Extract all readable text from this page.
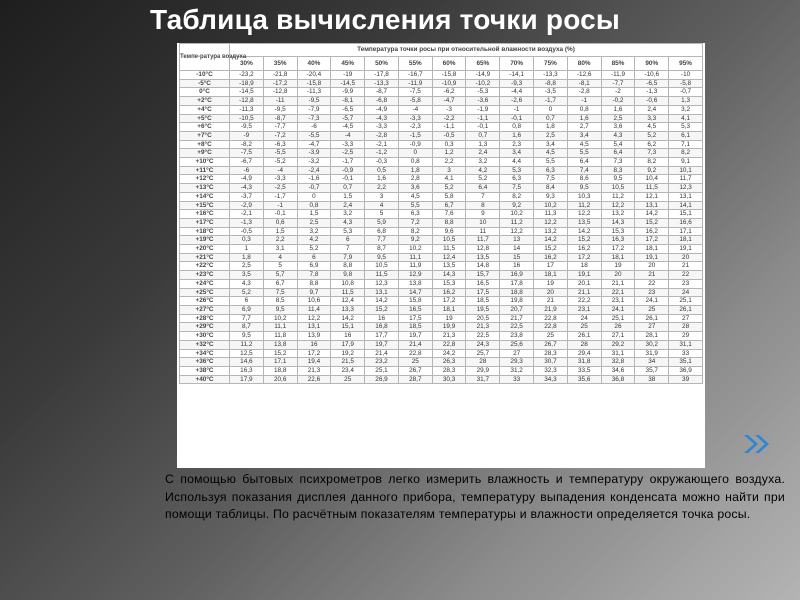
Таблица вычисления точки росы
Темпе-ратура воздуха	Температура точки росы при относительной влажности воздуха (%)													
	30%	35%	40%	45%	50%	55%	60%	65%	70%	75%	80%	85%	90%	95%
-10°C	-23,2	-21,8	-20,4	-19	-17,8	-16,7	-15,8	-14,9	-14,1	-13,3	-12,6	-11,9	-10,6	-10
-5°C	-18,9	-17,2	-15,8	-14,5	-13,3	-11,9	-10,9	-10,2	-9,3	-8,8	-8,1	-7,7	-6,5	-5,8
0°C	-14,5	-12,8	-11,3	-9,9	-8,7	-7,5	-6,2	-5,3	-4,4	-3,5	-2,8	-2	-1,3	-0,7
+2°C	-12,8	-11	-9,5	-8,1	-6,8	-5,8	-4,7	-3,6	-2,6	-1,7	-1	-0,2	-0,6	1,3
+4°C	-11,3	-9,5	-7,9	-6,5	-4,9	-4	-3	-1,9	-1	0	0,8	1,6	2,4	3,2
+5°C	-10,5	-8,7	-7,3	-5,7	-4,3	-3,3	-2,2	-1,1	-0,1	0,7	1,6	2,5	3,3	4,1
+6°C	-9,5	-7,7	-6	-4,5	-3,3	-2,3	-1,1	-0,1	0,8	1,8	2,7	3,6	4,5	5,3
+7°C	-9	-7,2	-5,5	-4	-2,8	-1,5	-0,5	0,7	1,6	2,5	3,4	4,3	5,2	6,1
+8°C	-8,2	-6,3	-4,7	-3,3	-2,1	-0,9	0,3	1,3	2,3	3,4	4,5	5,4	6,2	7,1
+9°C	-7,5	-5,5	-3,9	-2,5	-1,2	0	1,2	2,4	3,4	4,5	5,5	6,4	7,3	8,2
+10°C	-6,7	-5,2	-3,2	-1,7	-0,3	0,8	2,2	3,2	4,4	5,5	6,4	7,3	8,2	9,1
+11°C	-6	-4	-2,4	-0,9	0,5	1,8	3	4,2	5,3	6,3	7,4	8,3	9,2	10,1
+12°C	-4,9	-3,3	-1,6	-0,1	1,6	2,8	4,1	5,2	6,3	7,5	8,6	9,5	10,4	11,7
+13°C	-4,3	-2,5	-0,7	0,7	2,2	3,6	5,2	6,4	7,5	8,4	9,5	10,5	11,5	12,3
+14°C	-3,7	-1,7	0	1,5	3	4,5	5,8	7	8,2	9,3	10,3	11,2	12,1	13,1
+15°C	-2,9	-1	0,8	2,4	4	5,5	6,7	8	9,2	10,2	11,2	12,2	13,1	14,1
+16°C	-2,1	-0,1	1,5	3,2	5	6,3	7,6	9	10,2	11,3	12,2	13,2	14,2	15,1
+17°C	-1,3	0,6	2,5	4,3	5,9	7,2	8,8	10	11,2	12,2	13,5	14,3	15,2	16,6
+18°C	-0,5	1,5	3,2	5,3	6,8	8,2	9,6	11	12,2	13,2	14,2	15,3	16,2	17,1
+19°C	0,3	2,2	4,2	6	7,7	9,2	10,5	11,7	13	14,2	15,2	16,3	17,2	18,1
+20°C	1	3,1	5,2	7	8,7	10,2	11,5	12,8	14	15,2	16,2	17,2	18,1	19,1
+21°C	1,8	4	6	7,9	9,5	11,1	12,4	13,5	15	16,2	17,2	18,1	19,1	20
+22°C	2,5	5	6,9	8,8	10,5	11,9	13,5	14,8	16	17	18	19	20	21
+23°C	3,5	5,7	7,8	9,8	11,5	12,9	14,3	15,7	16,9	18,1	19,1	20	21	22
+24°C	4,3	6,7	8,8	10,8	12,3	13,8	15,3	16,5	17,8	19	20,1	21,1	22	23
+25°C	5,2	7,5	9,7	11,5	13,1	14,7	16,2	17,5	18,8	20	21,1	22,1	23	24
+26°C	6	8,5	10,6	12,4	14,2	15,8	17,2	18,5	19,8	21	22,2	23,1	24,1	25,1
+27°C	6,9	9,5	11,4	13,3	15,2	16,5	18,1	19,5	20,7	21,9	23,1	24,1	25	26,1
+28°C	7,7	10,2	12,2	14,2	16	17,5	19	20,5	21,7	22,8	24	25,1	26,1	27
+29°C	8,7	11,1	13,1	15,1	16,8	18,5	19,9	21,3	22,5	22,8	25	26	27	28
+30°C	9,5	11,8	13,9	16	17,7	19,7	21,3	22,5	23,8	25	26,1	27,1	28,1	29
+32°C	11,2	13,8	16	17,9	19,7	21,4	22,8	24,3	25,6	26,7	28	29,2	30,2	31,1
+34°C	12,5	15,2	17,2	19,2	21,4	22,8	24,2	25,7	27	28,3	29,4	31,1	31,9	33
+36°C	14,6	17,1	19,4	21,5	23,2	25	26,3	28	29,3	30,7	31,8	32,8	34	35,1
+38°C	16,3	18,8	21,3	23,4	25,1	26,7	28,3	29,9	31,2	32,3	33,5	34,6	35,7	36,9
+40°C	17,9	20,6	22,6	25	26,9	28,7	30,3	31,7	33	34,3	35,6	36,8	38	39

С помощью бытовых психрометров легко измерить влажность и температуру окружающего воздуха. Используя показания дисплея данного прибора, температуру выпадения конденсата можно найти при помощи таблицы. По расчётным показателям температуры и влажности определяется точка росы.
